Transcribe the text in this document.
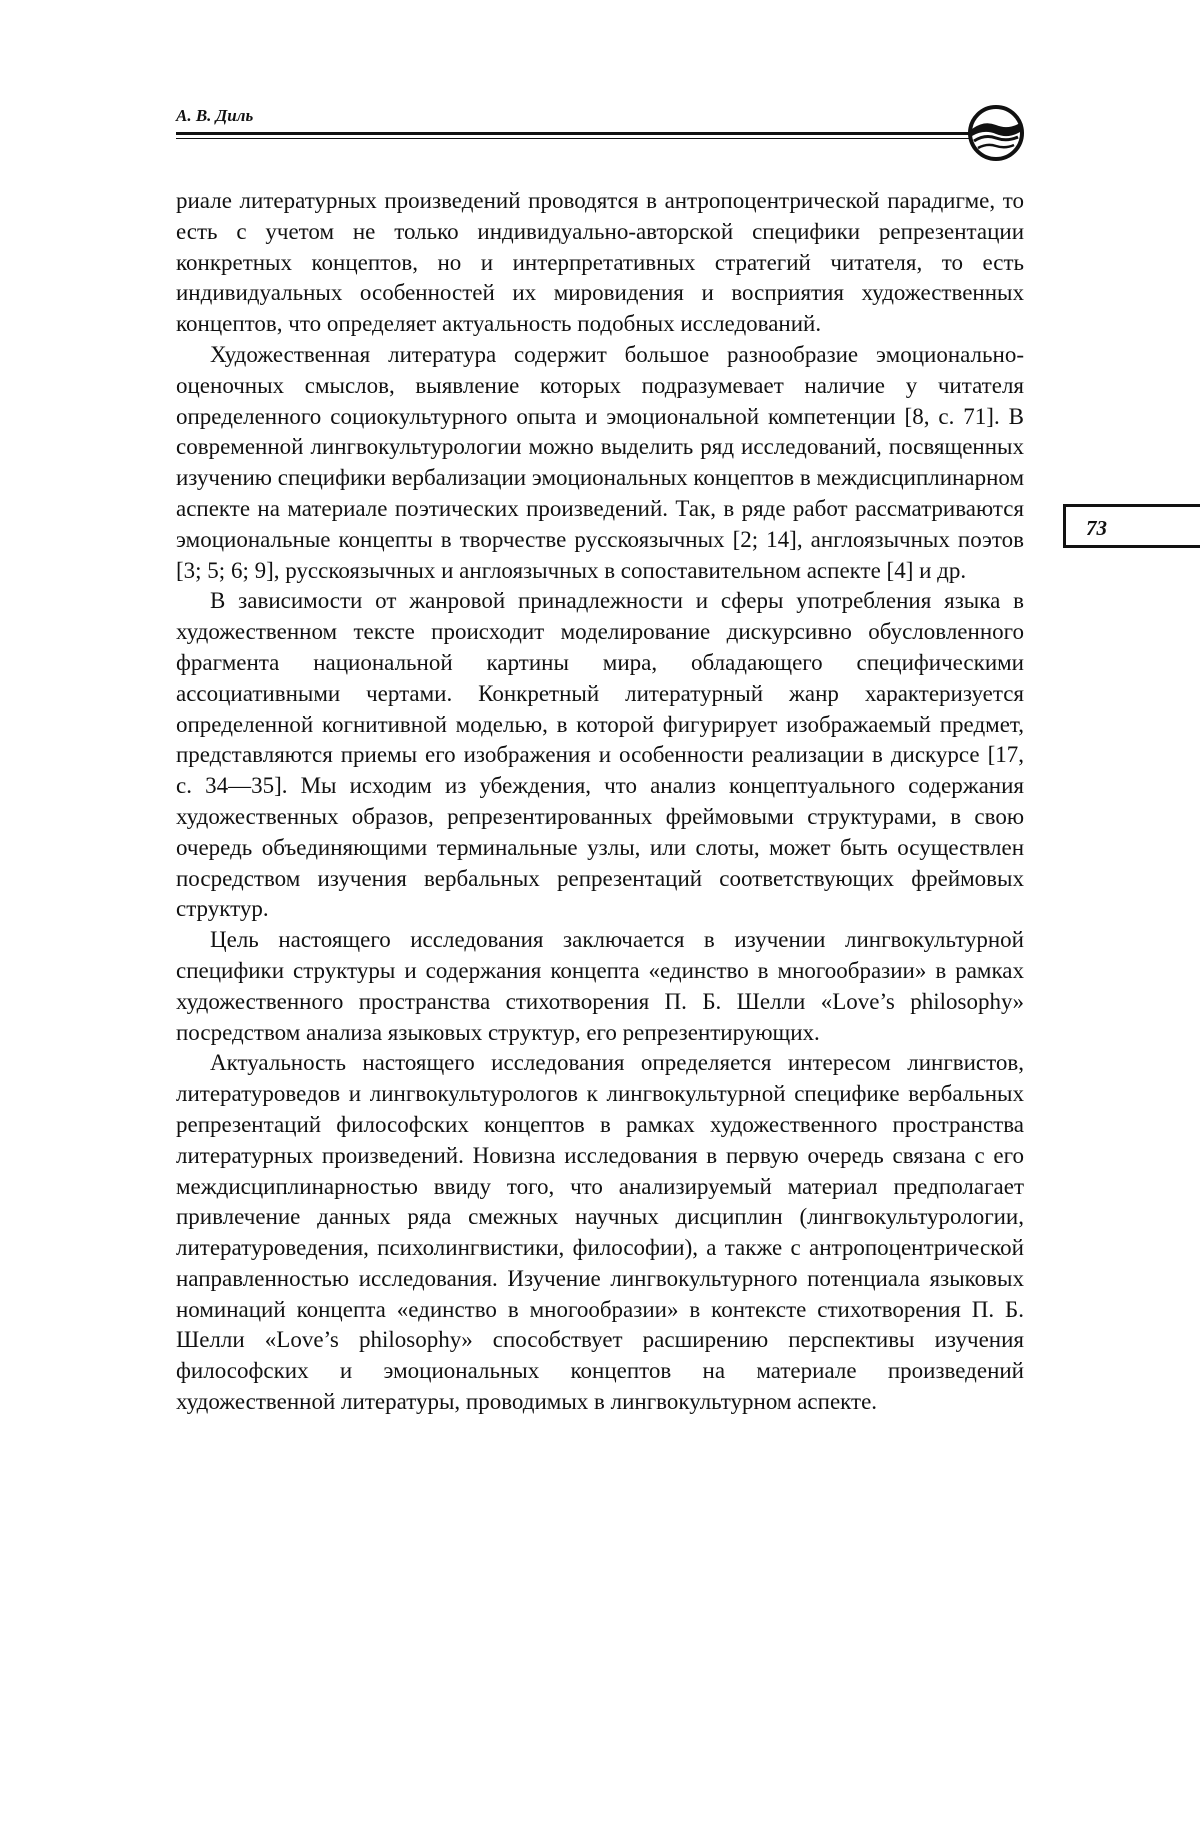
А. В. Диль
73

риале литературных произведений проводятся в антропоцентрической парадигме, то есть с учетом не только индивидуально-авторской специфики репрезентации конкретных концептов, но и интерпретативных стратегий читателя, то есть индивидуальных особенностей их мировидения и восприятия художественных концептов, что определяет актуальность подобных исследований.

Художественная литература содержит большое разнообразие эмоционально-оценочных смыслов, выявление которых подразумевает наличие у читателя определенного социокультурного опыта и эмоциональной компетенции [8, с. 71]. В современной лингвокультурологии можно выделить ряд исследований, посвященных изучению специфики вербализации эмоциональных концептов в междисциплинарном аспекте на материале поэтических произведений. Так, в ряде работ рассматриваются эмоциональные концепты в творчестве русскоязычных [2; 14], англоязычных поэтов [3; 5; 6; 9], русскоязычных и англоязычных в сопоставительном аспекте [4] и др.

В зависимости от жанровой принадлежности и сферы употребления языка в художественном тексте происходит моделирование дискурсивно обусловленного фрагмента национальной картины мира, обладающего специфическими ассоциативными чертами. Конкретный литературный жанр характеризуется определенной когнитивной моделью, в которой фигурирует изображаемый предмет, представляются приемы его изображения и особенности реализации в дискурсе [17, с. 34—35]. Мы исходим из убеждения, что анализ концептуального содержания художественных образов, репрезентированных фреймовыми структурами, в свою очередь объединяющими терминальные узлы, или слоты, может быть осуществлен посредством изучения вербальных репрезентаций соответствующих фреймовых структур.

Цель настоящего исследования заключается в изучении лингвокультурной специфики структуры и содержания концепта «единство в многообразии» в рамках художественного пространства стихотворения П. Б. Шелли «Love’s philosophy» посредством анализа языковых структур, его репрезентирующих.

Актуальность настоящего исследования определяется интересом лингвистов, литературоведов и лингвокультурологов к лингвокультурной специфике вербальных репрезентаций философских концептов в рамках художественного пространства литературных произведений. Новизна исследования в первую очередь связана с его междисциплинарностью ввиду того, что анализируемый материал предполагает привлечение данных ряда смежных научных дисциплин (лингвокультурологии, литературоведения, психолингвистики, философии), а также с антропоцентрической направленностью исследования. Изучение лингвокультурного потенциала языковых номинаций концепта «единство в многообразии» в контексте стихотворения П. Б. Шелли «Love’s philosophy» способствует расширению перспективы изучения философских и эмоциональных концептов на материале произведений художественной литературы, проводимых в лингвокультурном аспекте.
